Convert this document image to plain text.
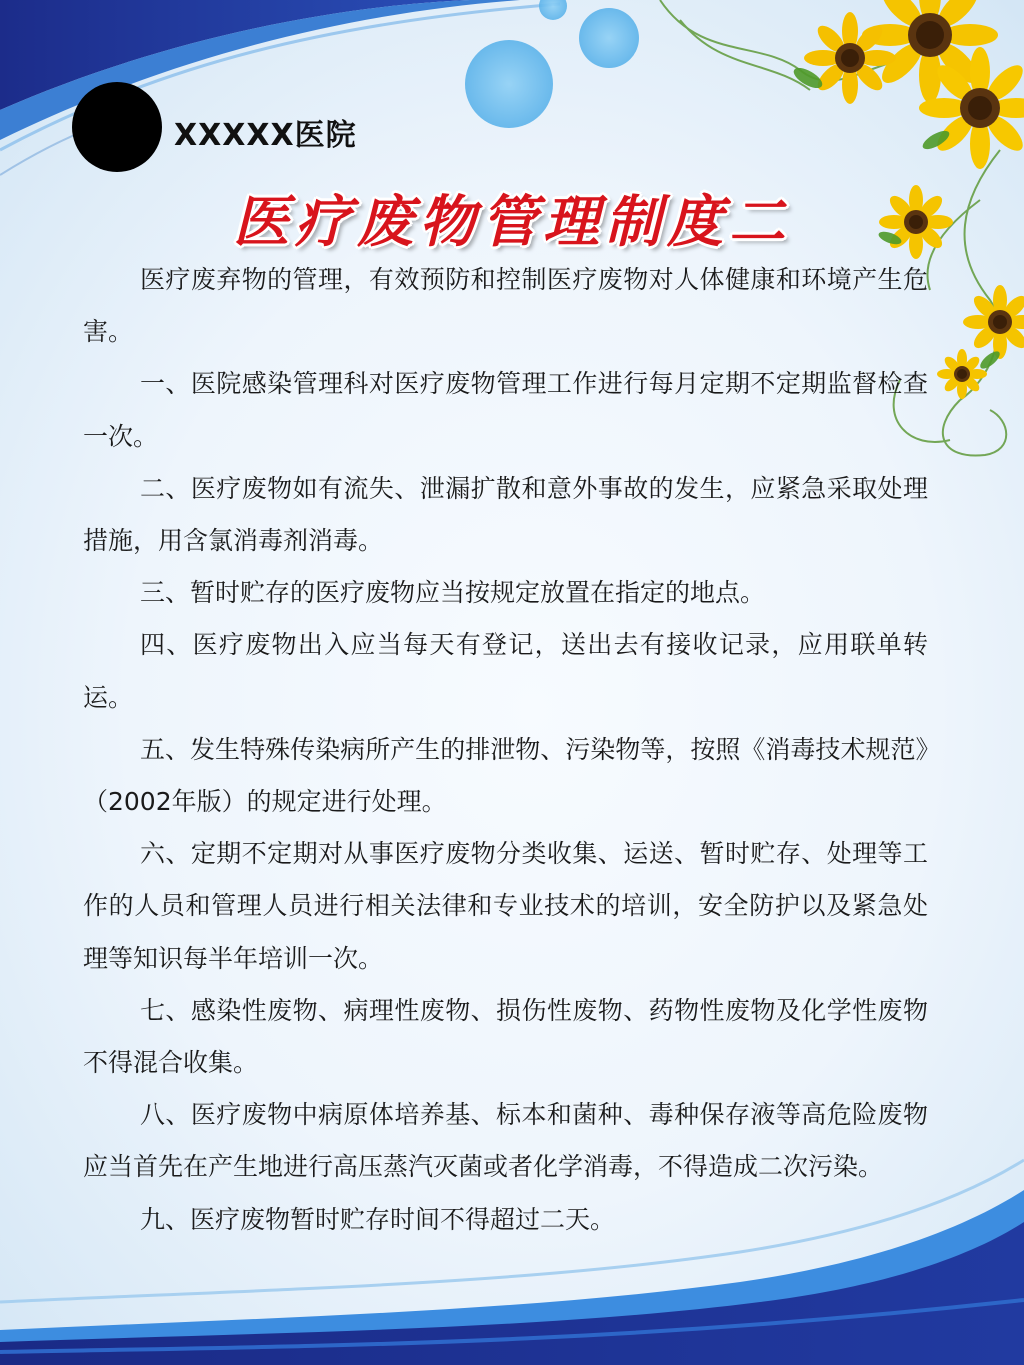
XXXXX医院
医疗废物管理制度二

医疗废弃物的管理，有效预防和控制医疗废物对人体健康和环境产生危害。

一、医院感染管理科对医疗废物管理工作进行每月定期不定期监督检查一次。

二、医疗废物如有流失、泄漏扩散和意外事故的发生，应紧急采取处理措施，用含氯消毒剂消毒。

三、暂时贮存的医疗废物应当按规定放置在指定的地点。

四、医疗废物出入应当每天有登记，送出去有接收记录，应用联单转运。

五、发生特殊传染病所产生的排泄物、污染物等，按照《消毒技术规范》（2002年版）的规定进行处理。

六、定期不定期对从事医疗废物分类收集、运送、暂时贮存、处理等工作的人员和管理人员进行相关法律和专业技术的培训，安全防护以及紧急处理等知识每半年培训一次。

七、感染性废物、病理性废物、损伤性废物、药物性废物及化学性废物不得混合收集。

八、医疗废物中病原体培养基、标本和菌种、毒种保存液等高危险废物应当首先在产生地进行高压蒸汽灭菌或者化学消毒，不得造成二次污染。

九、医疗废物暂时贮存时间不得超过二天。
